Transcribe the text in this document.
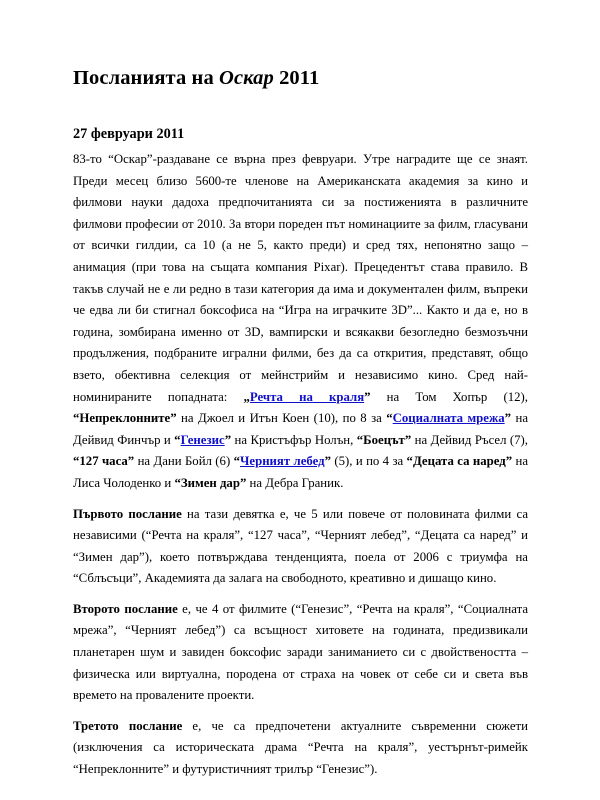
Посланията на Оскар 2011
27 февруари 2011

83-то “Оскар”-раздаване се върна през февруари. Утре наградите ще се знаят. Преди месец близо 5600-те членове на Американската академия за кино и филмови науки дадоха предпочитанията си за постиженията в различните филмови професии от 2010. За втори пореден път номинациите за филм, гласувани от всички гилдии, са 10 (а не 5, както преди) и сред тях, непонятно защо – анимация (при това на същата компания Pixar). Прецедентът става правило. В такъв случай не е ли редно в тази категория да има и документален филм, въпреки че едва ли би стигнал боксофиса на “Игра на играчките 3D”... Както и да е, но в година, зомбирана именно от 3D, вампирски и всякакви безогледно безмозъчни продължения, подбраните игрални филми, без да са открития, представят, общо взето, обективна селекция от мейнстрийм и независимо кино. Сред най-номинираните попадната: „Речта на краля” на Том Хопър (12), “Непреклонните” на Джоел и Итън Коен (10), по 8 за “Социалната мрежа” на Дейвид Финчър и “Генезис” на Кристъфър Нолън, “Боецът” на Дейвид Ръсел (7), “127 часа” на Дани Бойл (6) “Черният лебед” (5), и по 4 за “Децата са наред” на Лиса Чолоденко и “Зимен дар” на Дебра Граник.

Първото послание на тази девятка е, че 5 или повече от половината филми са независими (“Речта на краля”, “127 часа”, “Черният лебед”, “Децата са наред” и “Зимен дар”), което потвърждава тенденцията, поела от 2006 с триумфа на “Сблъсъци”, Академията да залага на свободното, креативно и дишащо кино.

Второто послание е, че 4 от филмите (“Генезис”, “Речта на краля”, “Социалната мрежа”, “Черният лебед”) са всъщност хитовете на годината, предизвикали планетарен шум и завиден боксофис заради заниманието си с двойствеността – физическа или виртуална, породена от страха на човек от себе си и света във времето на провалените проекти.

Третото послание е, че са предпочетени актуалните съвременни сюжети (изключения са историческата драма “Речта на краля”, уестърнът-римейк “Непреклонните” и футуристичният трилър “Генезис”).
